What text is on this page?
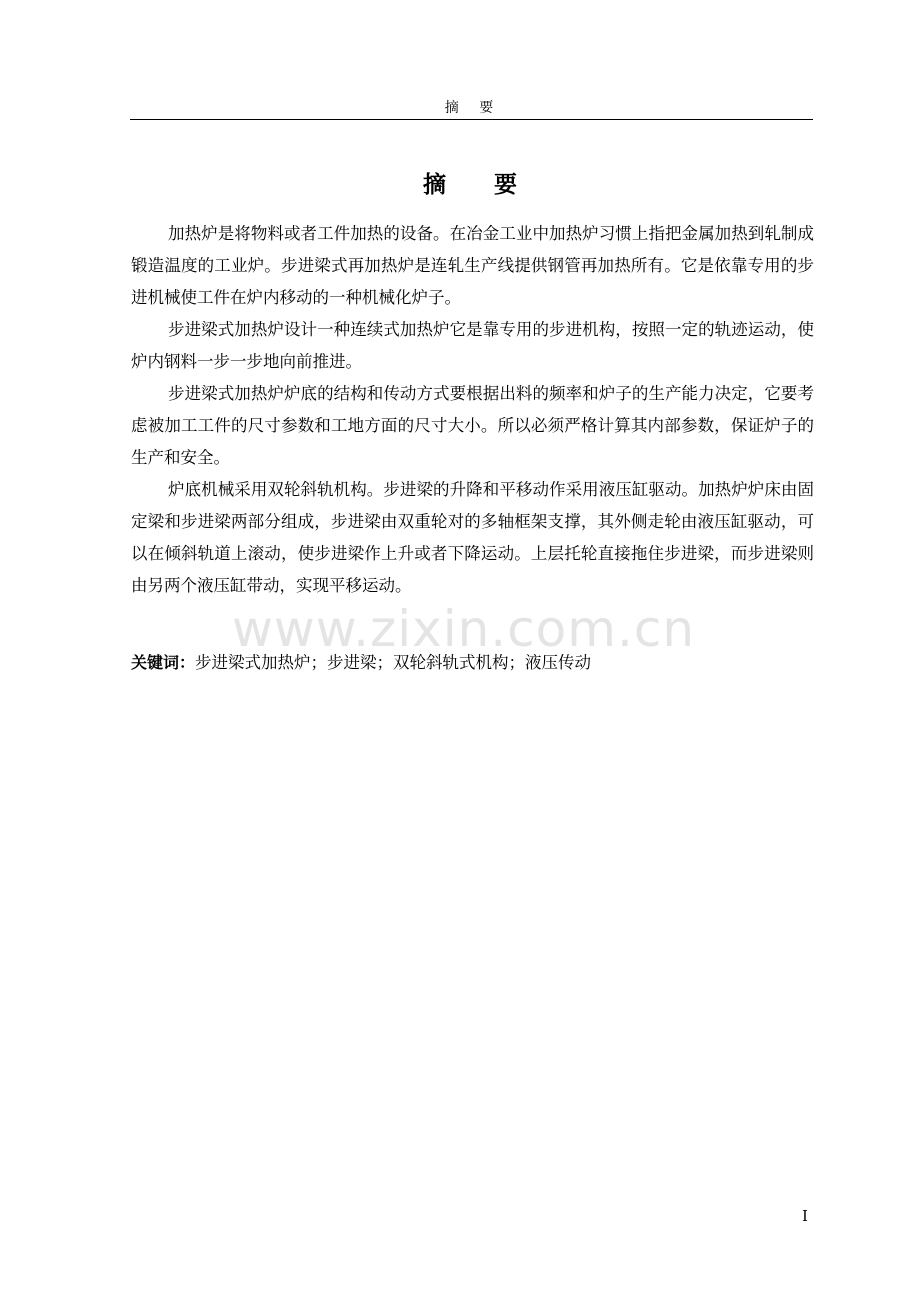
摘 要
摘 要

加热炉是将物料或者工件加热的设备。在冶金工业中加热炉习惯上指把金属加热到轧制成锻造温度的工业炉。步进梁式再加热炉是连轧生产线提供钢管再加热所有。它是依靠专用的步进机械使工件在炉内移动的一种机械化炉子。

步进梁式加热炉设计一种连续式加热炉它是靠专用的步进机构，按照一定的轨迹运动，使炉内钢料一步一步地向前推进。

步进梁式加热炉炉底的结构和传动方式要根据出料的频率和炉子的生产能力决定，它要考虑被加工工件的尺寸参数和工地方面的尺寸大小。所以必须严格计算其内部参数，保证炉子的生产和安全。

炉底机械采用双轮斜轨机构。步进梁的升降和平移动作采用液压缸驱动。加热炉炉床由固定梁和步进梁两部分组成，步进梁由双重轮对的多轴框架支撑，其外侧走轮由液压缸驱动，可以在倾斜轨道上滚动，使步进梁作上升或者下降运动。上层托轮直接拖住步进梁，而步进梁则由另两个液压缸带动，实现平移运动。

www.zixin.com.cn
关键词：步进梁式加热炉；步进梁；双轮斜轨式机构；液压传动
I
